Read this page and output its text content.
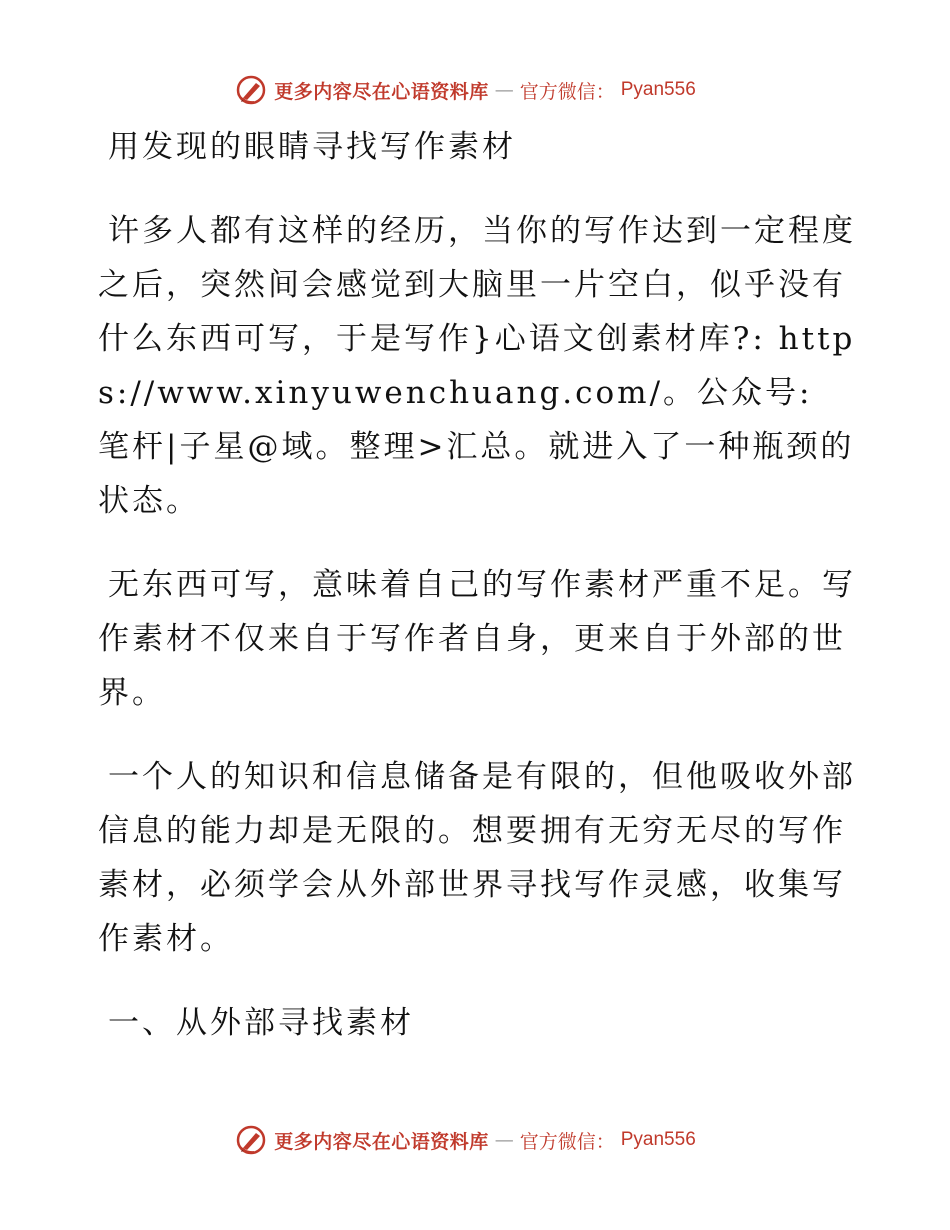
更多内容尽在心语资料库 — 官方微信： Pyan556

用发现的眼睛寻找写作素材

许多人都有这样的经历，当你的写作达到一定程度之后，突然间会感觉到大脑里一片空白，似乎没有什么东西可写，于是写作}心语文创素材库?: https://www.xinyuwenchuang.com/。公众号: 笔杆|子星@域。整理>汇总。就进入了一种瓶颈的状态。

无东西可写，意味着自己的写作素材严重不足。写作素材不仅来自于写作者自身，更来自于外部的世界。

一个人的知识和信息储备是有限的，但他吸收外部信息的能力却是无限的。想要拥有无穷无尽的写作素材，必须学会从外部世界寻找写作灵感，收集写作素材。

一、从外部寻找素材

更多内容尽在心语资料库 — 官方微信： Pyan556
